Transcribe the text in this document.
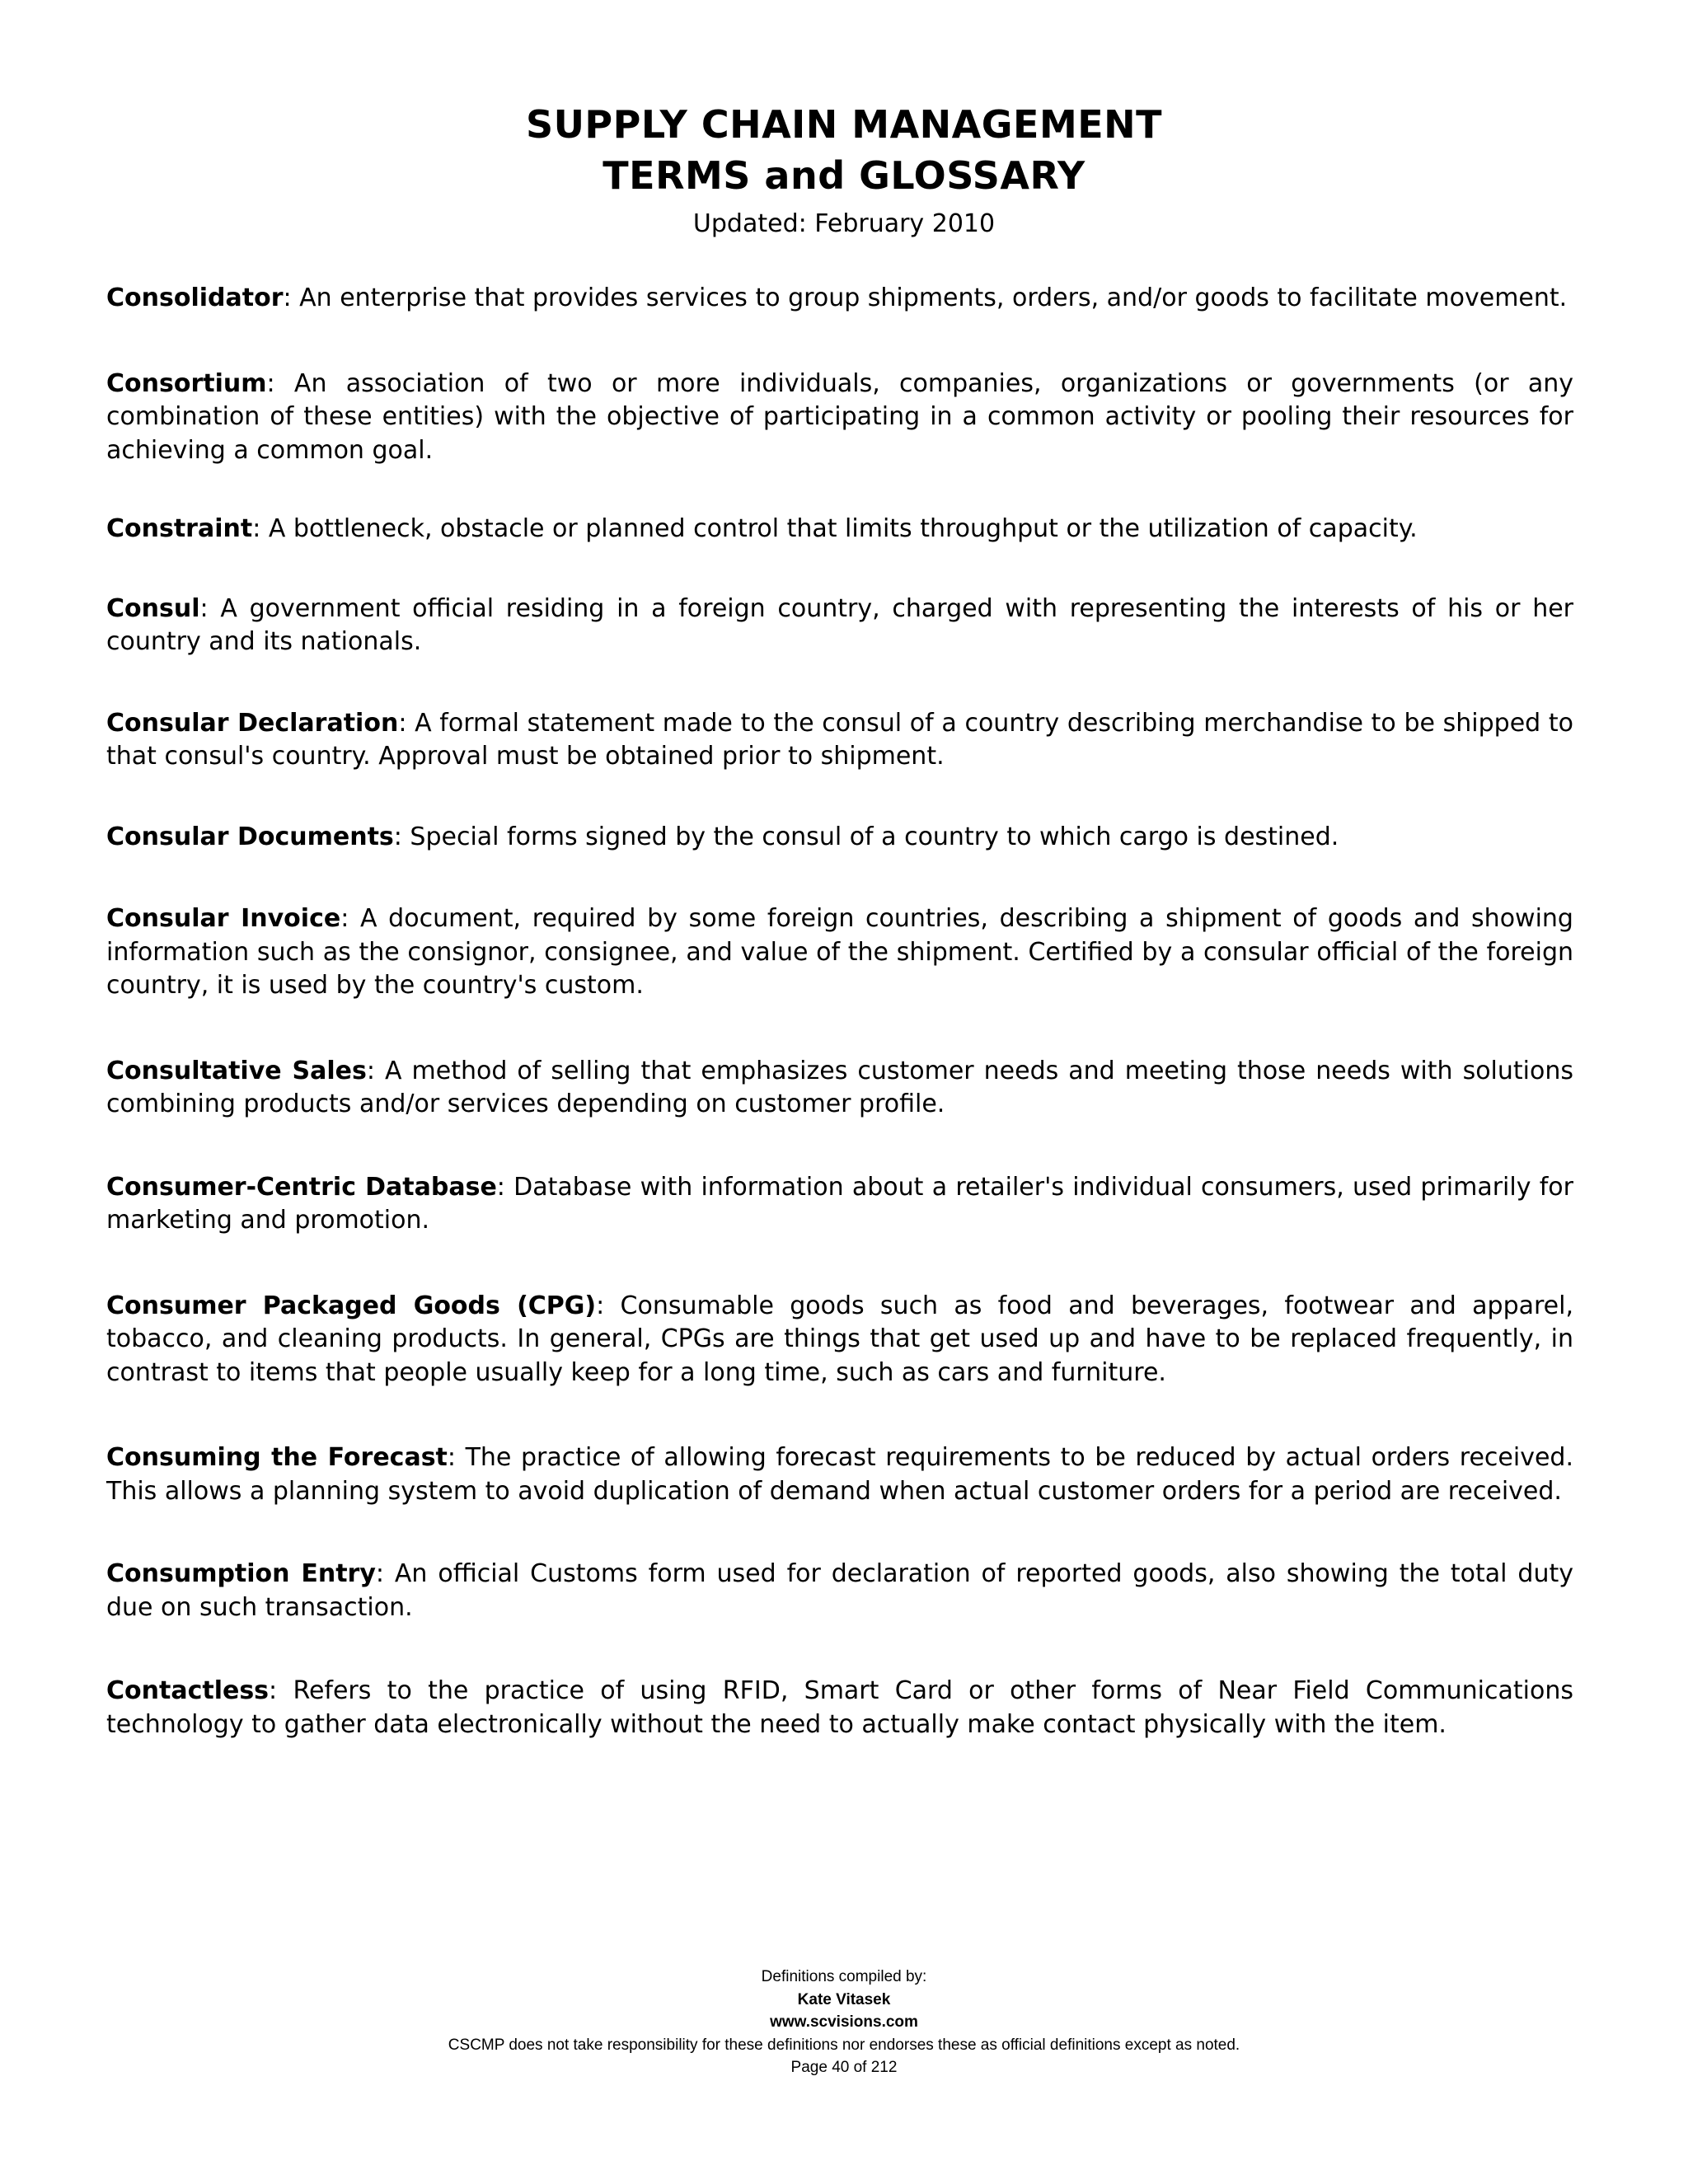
SUPPLY CHAIN MANAGEMENT
TERMS and GLOSSARY
Updated: February 2010

Consolidator: An enterprise that provides services to group shipments, orders, and/or goods to facilitate movement.

Consortium: An association of two or more individuals, companies, organizations or governments (or any combination of these entities) with the objective of participating in a common activity or pooling their resources for achieving a common goal.

Constraint: A bottleneck, obstacle or planned control that limits throughput or the utilization of capacity.

Consul: A government official residing in a foreign country, charged with representing the interests of his or her country and its nationals.

Consular Declaration: A formal statement made to the consul of a country describing merchandise to be shipped to that consul's country. Approval must be obtained prior to shipment.

Consular Documents: Special forms signed by the consul of a country to which cargo is destined.

Consular Invoice: A document, required by some foreign countries, describing a shipment of goods and showing information such as the consignor, consignee, and value of the shipment. Certified by a consular official of the foreign country, it is used by the country's custom.

Consultative Sales: A method of selling that emphasizes customer needs and meeting those needs with solutions combining products and/or services depending on customer profile.

Consumer-Centric Database: Database with information about a retailer's individual consumers, used primarily for marketing and promotion.

Consumer Packaged Goods (CPG): Consumable goods such as food and beverages, footwear and apparel, tobacco, and cleaning products. In general, CPGs are things that get used up and have to be replaced frequently, in contrast to items that people usually keep for a long time, such as cars and furniture.

Consuming the Forecast: The practice of allowing forecast requirements to be reduced by actual orders received. This allows a planning system to avoid duplication of demand when actual customer orders for a period are received.

Consumption Entry: An official Customs form used for declaration of reported goods, also showing the total duty due on such transaction.

Contactless: Refers to the practice of using RFID, Smart Card or other forms of Near Field Communications technology to gather data electronically without the need to actually make contact physically with the item.

Definitions compiled by:
Kate Vitasek
www.scvisions.com
CSCMP does not take responsibility for these definitions nor endorses these as official definitions except as noted.
Page 40 of 212
